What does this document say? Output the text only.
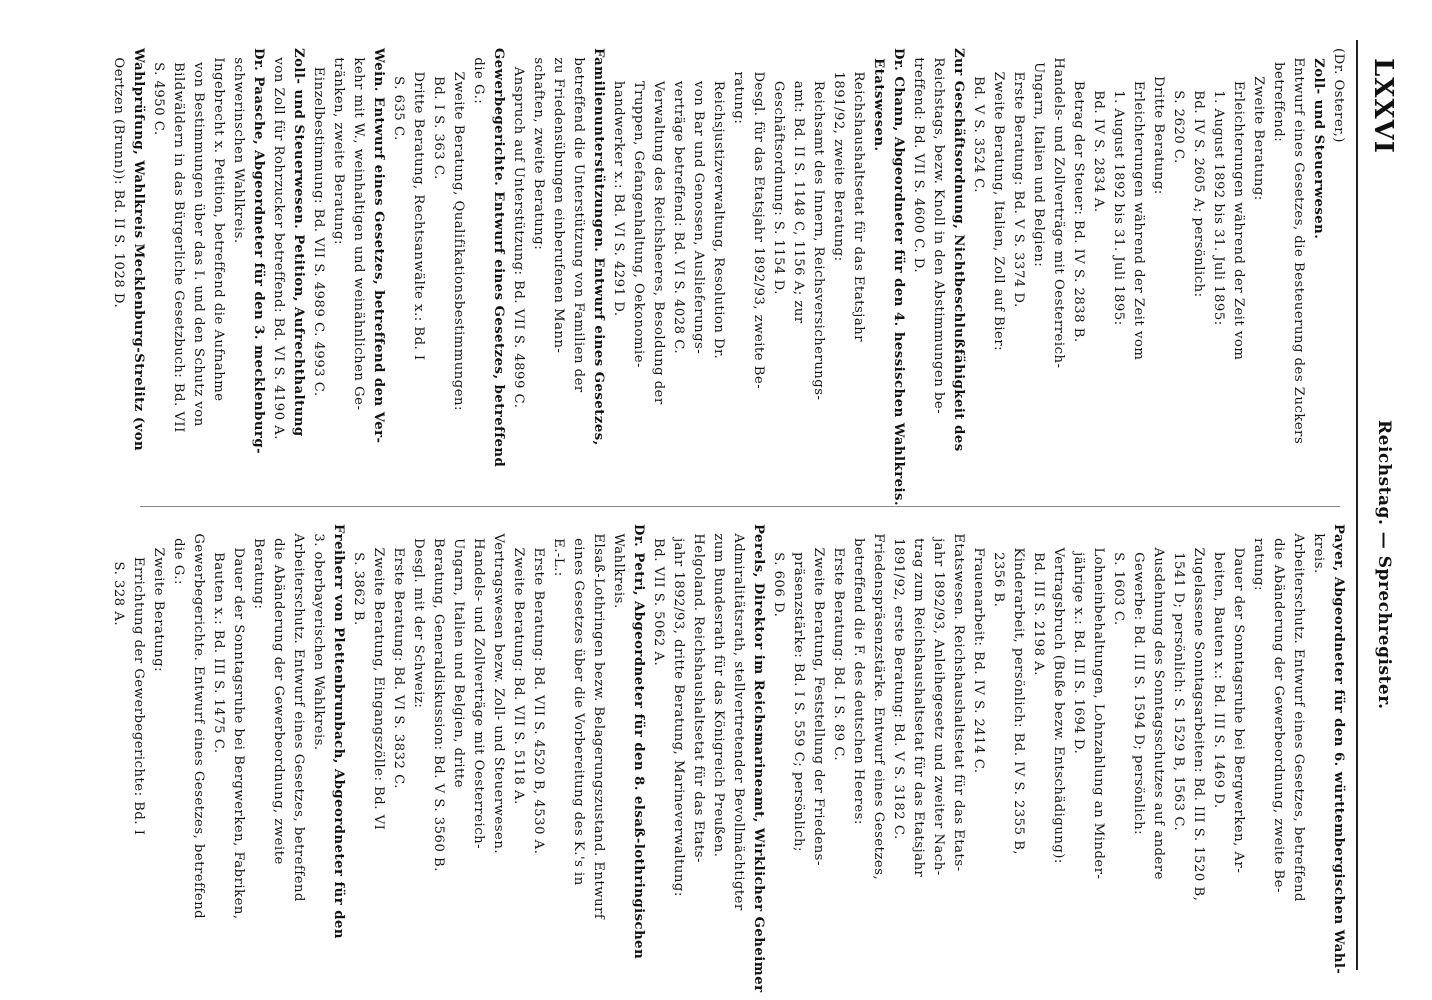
LXXVI
Reichstag. — Sprechregister.

(Dr. Osterer,)

Zoll- und Steuerwesen.

Entwurf eines Gesetzes, die Besteuerung des Zuckers

betreffend:

Zweite Beratung:

Erleichterungen während der Zeit vom

1. August 1892 bis 31. Juli 1895:

Bd. IV S. 2605 A; persönlich:

S. 2620 C.

Dritte Beratung:

Erleichterungen während der Zeit vom

1. August 1892 bis 31. Juli 1895:

Bd. IV S. 2834 A.

Betrag der Steuer: Bd. IV S. 2838 B.

Handels- und Zollverträge mit Oesterreich-

Ungarn, Italien und Belgien:

Erste Beratung: Bd. V S. 3374 D.

Zweite Beratung, Italien, Zoll auf Bier:

Bd. V S. 3524 C.

Zur Geschäftsordnung, Nichtbeschlußfähigkeit des

Reichstags, bezw. Knoll in den Abstimmungen be-

treffend: Bd. VII S. 4600 C. D.

Dr. Chann, Abgeordneter für den 4. hessischen Wahlkreis.

Etatswesen.

Reichshaushaltsetat für das Etatsjahr

1891/92, zweite Beratung:

Reichsamt des Innern, Reichsversicherungs-

amt: Bd. II S. 1148 C, 1156 A; zur

Geschäftsordnung: S. 1154 D.

Desgl. für das Etatsjahr 1892/93, zweite Be-

ratung:

Reichsjustizverwaltung, Resolution Dr.

von Bar und Genossen, Auslieferungs-

verträge betreffend: Bd. VI S. 4028 C.

Verwaltung des Reichsheeres, Besoldung der

Truppen, Gefangenhaltung, Oekonomie-

handwerker x.: Bd. VI S. 4291 D.

Familienunterstützungen. Entwurf eines Gesetzes,

betreffend die Unterstützung von Familien der

zu Friedensübungen einberufenen Mann-

schaften, zweite Beratung:

Anspruch auf Unterstützung: Bd. VII S. 4899 C.

Gewerbegerichte. Entwurf eines Gesetzes, betreffend

die G.:

Zweite Beratung, Qualifikationsbestimmungen:

Bd. I S. 363 C.

Dritte Beratung, Rechtsanwälte x.: Bd. I

S. 635 C.

Wein. Entwurf eines Gesetzes, betreffend den Ver-

kehr mit W., weinhaltigen und weinähnlichen Ge-

tränken, zweite Beratung:

Einzelbestimmung: Bd. VII S. 4989 C. 4993 C.

Zoll- und Steuerwesen. Petition, Aufrechthaltung

von Zoll für Rohrzucker betreffend: Bd. VI S. 4190 A.

Dr. Paasche, Abgeordneter für den 3. mecklenburg-

schwerinschen Wahlkreis.

Ingebrecht x. Petition, betreffend die Aufnahme

von Bestimmungen über das I. und den Schutz von

Bildwäldern in das Bürgerliche Gesetzbuch: Bd. VII

S. 4950 C.

Wahlprüfung, Wahlkreis Mecklenburg-Strelitz (von

Oertzen (Brunn)): Bd. II S. 1028 D.

Payer, Abgeordneter für den 6. württembergischen Wahl-

kreis.

Arbeiterschutz. Entwurf eines Gesetzes, betreffend

die Abänderung der Gewerbeordnung, zweite Be-

ratung:

Dauer der Sonntagsruhe bei Bergwerken, Ar-

beiten, Bauten x.: Bd. III S. 1469 D.

Zugelassene Sonntagsarbeiten: Bd. III S. 1520 B,

1541 D; persönlich: S. 1529 B, 1563 C.

Ausdehnung des Sonntagsschutzes auf andere

Gewerbe: Bd. III S. 1594 D; persönlich:

S. 1603 C.

Lohneinbehaltungen, Lohnzahlung an Minder-

jährige x.: Bd. III S. 1694 D.

Vertragsbruch (Buße bezw. Entschädigung):

Bd. III S. 2198 A.

Kinderarbeit, persönlich: Bd. IV S. 2355 B,

2356 B.

Frauenarbeit: Bd. IV S. 2414 C.

Etatswesen. Reichshaushaltsetat für das Etats-

jahr 1892/93, Anleihegesetz und zweiter Nach-

trag zum Reichshaushaltsetat für das Etatsjahr

1891/92, erste Beratung: Bd. V S. 3182 C.

Friedenspräsenzstärke. Entwurf eines Gesetzes,

betreffend die F. des deutschen Heeres:

Erste Beratung: Bd. I S. 89 C.

Zweite Beratung, Feststellung der Friedens-

präsenzstärke: Bd. I S. 559 C; persönlich;

S. 606 D.

Perels, Direktor im Reichsmarineamt, Wirklicher Geheimer

Admiralitätsrath, stellvertretender Bevollmächtigter

zum Bundesrath für das Königreich Preußen.

Helgoland. Reichshaushaltsetat für das Etats-

jahr 1892/93, dritte Beratung, Marineverwaltung:

Bd. VII S. 5062 A.

Dr. Petri, Abgeordneter für den 8. elsaß-lothringischen

Wahlkreis.

Elsaß-Lothringen bezw. Belagerungszustand. Entwurf

eines Gesetzes über die Vorbereitung des K.'s in

E.-L.:

Erste Beratung: Bd. VII S. 4520 B, 4530 A.

Zweite Beratung: Bd. VII S. 5118 A.

Vertragswesen bezw. Zoll- und Steuerwesen.

Handels- und Zollverträge mit Oesterreich-

Ungarn, Italien und Belgien, dritte

Beratung, Generaldiskussion: Bd. V S. 3560 B.

Desgl. mit der Schweiz:

Erste Beratung: Bd. VI S. 3832 C.

Zweite Beratung, Eingangszölle: Bd. VI

S. 3862 B.

Freiherr von Plettenbrunbach, Abgeordneter für den

3. oberbayerischen Wahlkreis.

Arbeiterschutz. Entwurf eines Gesetzes, betreffend

die Abänderung der Gewerbeordnung, zweite

Beratung:

Dauer der Sonntagsruhe bei Bergwerken, Fabriken,

Bauten x.: Bd. III S. 1475 C.

Gewerbegerichte. Entwurf eines Gesetzes, betreffend

die G.:

Zweite Beratung:

Errichtung der Gewerbegerichte: Bd. I

S. 328 A.
